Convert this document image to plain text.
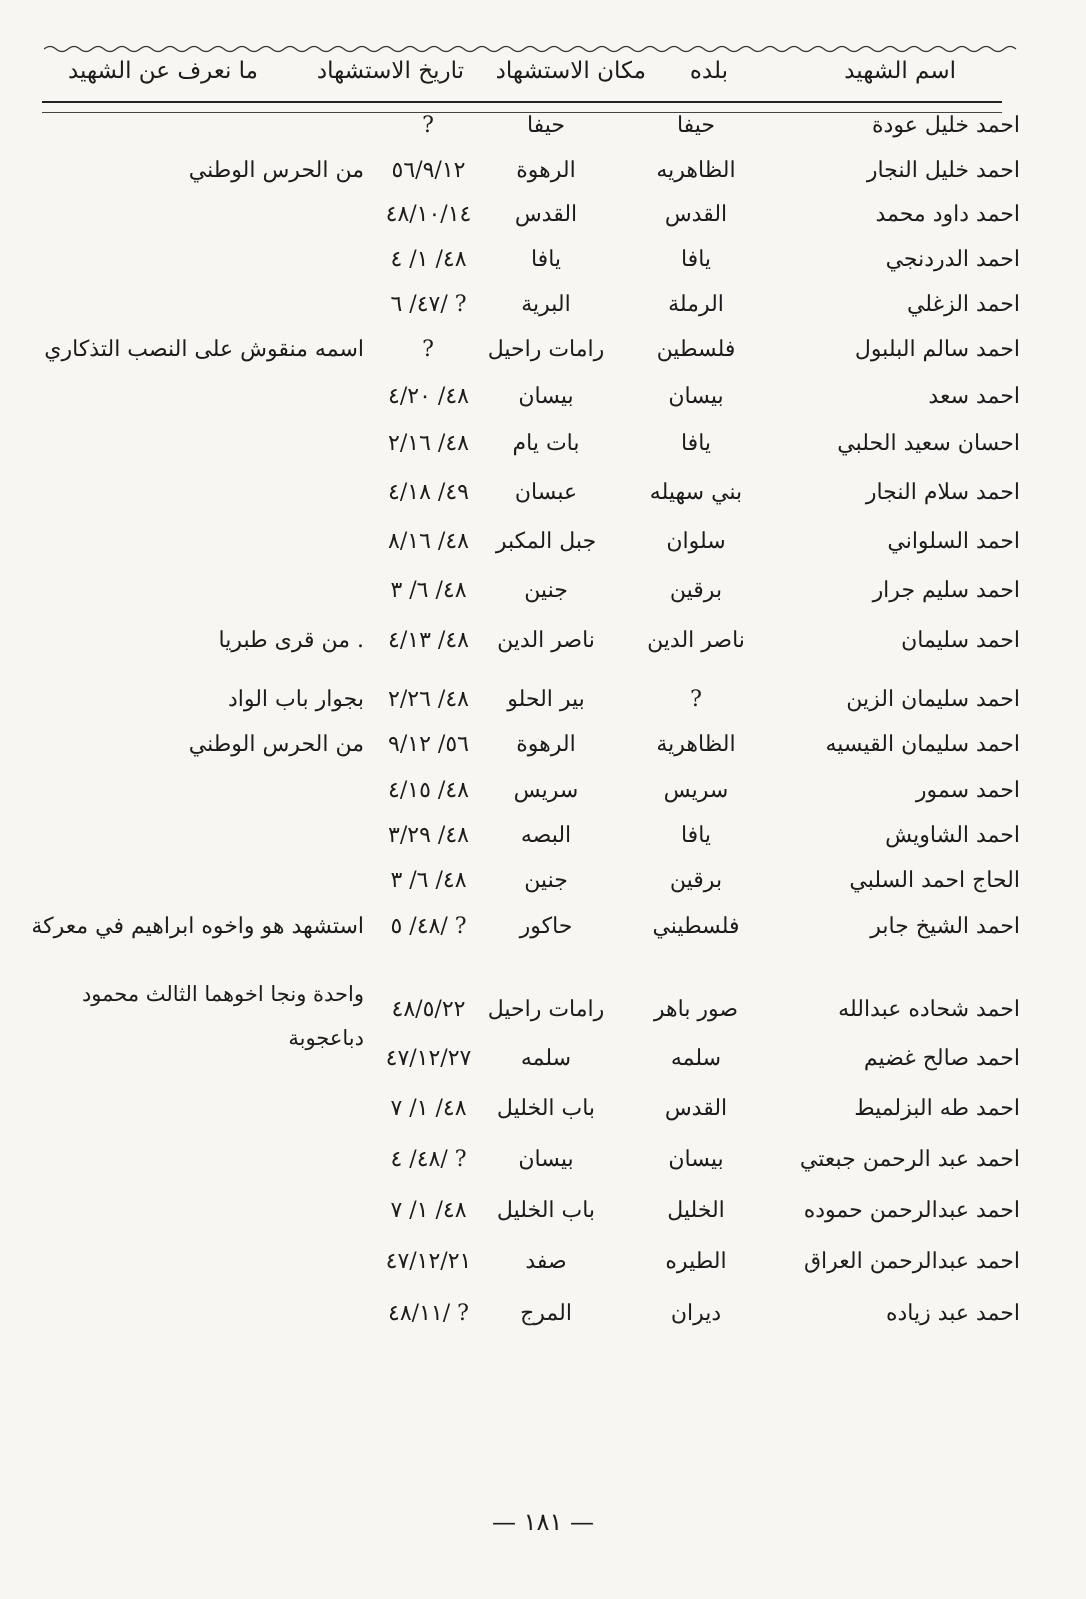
اسم الشهيد
بلده
مكان الاستشهاد
تاريخ الاستشهاد
ما نعرف عن الشهيد
احمد خليل عودة
حيفا
حيفا
?
احمد خليل النجار
الظاهريه
الرهوة
٥٦/٩/١٢
من الحرس الوطني
احمد داود محمد
القدس
القدس
٤٨/١٠/١٤
احمد الدردنجي
يافا
يافا
٤٨/ ١/ ٤
احمد الزغلي
الرملة
البرية
٤٧/ ٦/ ?
احمد سالم البلبول
فلسطين
رامات راحيل
?
اسمه منقوش على النصب التذكاري
احمد سعد
بيسان
بيسان
٤٨/ ٤/٢٠
احسان سعيد الحلبي
يافا
بات يام
٤٨/ ٢/١٦
احمد سلام النجار
بني سهيله
عبسان
٤٩/ ٤/١٨
احمد السلواني
سلوان
جبل المكبر
٤٨/ ٨/١٦
احمد سليم جرار
برقين
جنين
٤٨/ ٦/ ٣
احمد سليمان
ناصر الدين
ناصر الدين
٤٨/ ٤/١٣
. من قرى طبريا
احمد سليمان الزين
?
بير الحلو
٤٨/ ٢/٢٦
بجوار باب الواد
احمد سليمان القيسيه
الظاهرية
الرهوة
٥٦/ ٩/١٢
من الحرس الوطني
احمد سمور
سريس
سريس
٤٨/ ٤/١٥
احمد الشاويش
يافا
البصه
٤٨/ ٣/٢٩
الحاج احمد السلبي
برقين
جنين
٤٨/ ٦/ ٣
احمد الشيخ جابر
فلسطيني
حاكور
٤٨/ ٥/ ?
استشهد هو واخوه ابراهيم في معركة
احمد شحاده عبدالله
صور باهر
رامات راحيل
٤٨/٥/٢٢
احمد صالح غضيم
سلمه
سلمه
٤٧/١٢/٢٧
احمد طه البزلميط
القدس
باب الخليل
٤٨/ ١/ ٧
احمد عبد الرحمن جبعتي
بيسان
بيسان
٤٨/ ٤/ ?
احمد عبدالرحمن حموده
الخليل
باب الخليل
٤٨/ ١/ ٧
احمد عبدالرحمن العراق
الطيره
صفد
٤٧/١٢/٢١
احمد عبد زياده
ديران
المرج
٤٨/١١/ ?
واحدة ونجا اخوهما الثالث محمود دباعجوبة
— ١٨١ —
